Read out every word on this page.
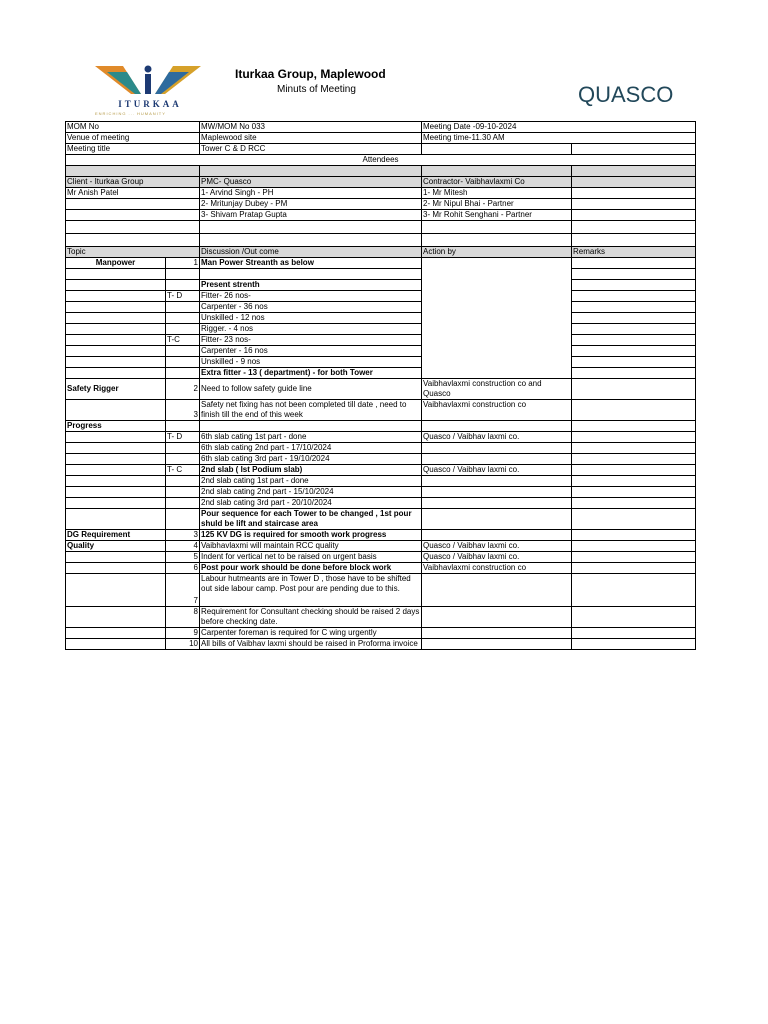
ITURKAA
ENRICHING ... HUMANITY
Iturkaa Group, Maplewood
Minuts of Meeting	QUASCO
MOM No		MW/MOM No 033	Meeting Date -09-10-2024	
Venue of meeting		Maplewood site	Meeting time-11.30 AM	
Meeting title		Tower C & D RCC		
Attendees				

Client - Iturkaa Group		PMC- Quasco	Contractor- Vaibhavlaxmi Co	
Mr Anish Patel		1- Arvind Singh - PH	1- Mr Mitesh	
		2- Mritunjay Dubey - PM	2- Mr Nipul Bhai - Partner	
		3- Shivam Pratap Gupta	3- Mr Rohit Senghani - Partner	

Topic		Discussion /Out come	Action by	Remarks
Manpower	1	Man Power Streanth as below		

		Present strenth		
	T- D	Fitter- 26 nos-		
		Carpenter - 36 nos		
		Unskilled - 12 nos		
		Rigger. - 4 nos		
	T-C	Fitter- 23 nos-		
		Carpenter - 16 nos		
		Unskilled - 9 nos		
		Extra fitter - 13 ( department) - for both Tower		
Safety Rigger	2	Need to follow safety guide line	Vaibhavlaxmi construction co and Quasco	
	3	Safety net fixing has not been completed till date , need to finish till the end of this week	Vaibhavlaxmi construction co	
Progress				
	T- D	6th slab cating 1st part - done	Quasco / Vaibhav laxmi co.	
		6th slab cating 2nd part - 17/10/2024		
		6th slab cating 3rd part - 19/10/2024		
	T- C	2nd slab ( Ist Podium slab)	Quasco / Vaibhav laxmi co.	
		2nd slab cating 1st part - done		
		2nd slab cating 2nd part - 15/10/2024		
		2nd slab cating 3rd part - 20/10/2024		
		Pour sequence for each Tower to be changed , 1st pour shuld be lift and staircase area		
DG Requirement	3	125 KV DG is required for smooth work progress		
Quality	4	Vaibhavlaxmi will maintain RCC quality	Quasco / Vaibhav laxmi co.	
	5	Indent for vertical net to be raised on urgent basis	Quasco / Vaibhav laxmi co.	
	6	Post pour work should be done before block work	Vaibhavlaxmi construction co	
	7	Labour hutmeants are in Tower D , those have to be shifted out side labour camp. Post pour are pending due to this.		
	8	Requirement for Consultant checking should be raised 2 days before checking date.		
	9	Carpenter foreman is required for C wing urgently		
	10	All bills of Vaibhav laxmi should be raised in Proforma invoice		
